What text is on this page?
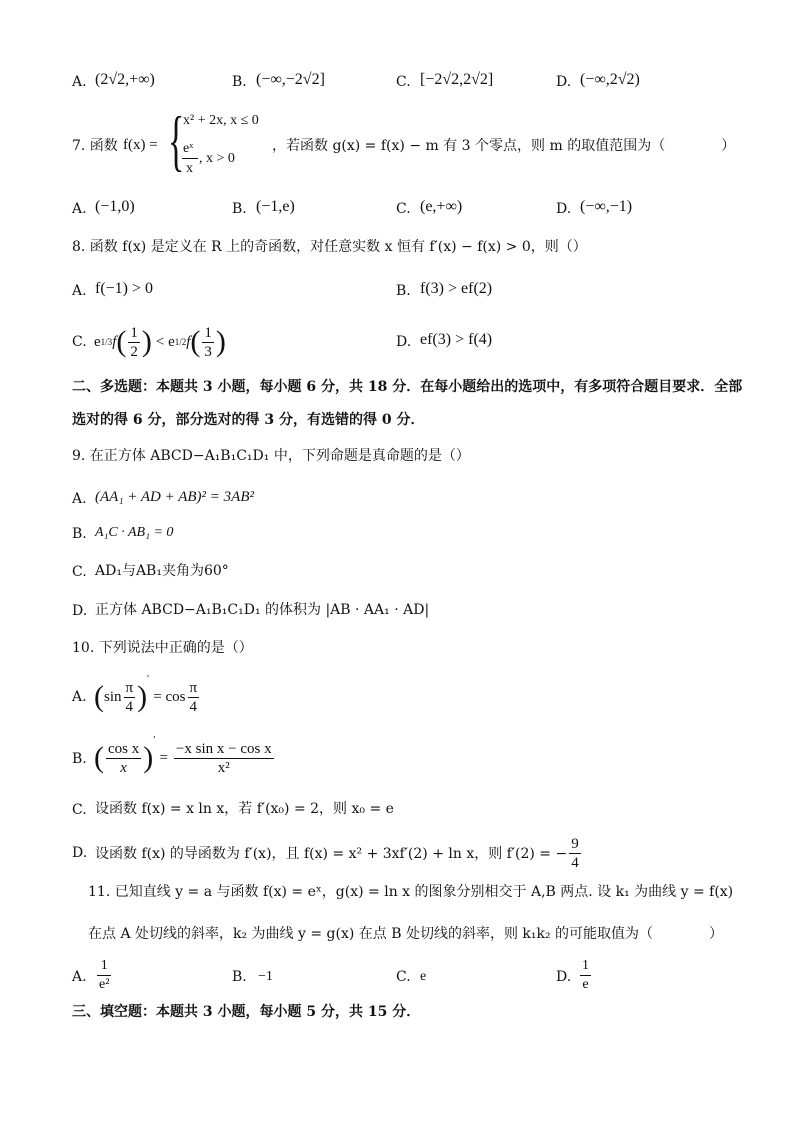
A. (2√2,+∞)	B. (−∞,−2√2]	C. [−2√2,2√2]	D. (−∞,2√2)
7. 函数 f(x) = {
x² + 2x, x ≤ 0
eˣ
x
, x > 0
，若函数 g(x) = f(x) − m 有 3 个零点，则 m 的取值范围为（　　　　）
A. (−1,0)	B. (−1,e)	C. (e,+∞)	D. (−∞,−1)
8. 函数 f(x) 是定义在 R 上的奇函数，对任意实数 x 恒有 f′(x) − f(x) > 0，则（）
A. f(−1) > 0	B. f(3) > ef(2)
C. e 1/3 f ( $\frac{1}{2}$ ) < e 1/2 f ( $\frac{1}{3}$ )	D. ef(3) > f(4)
二、多选题：本题共 3 小题，每小题 6 分，共 18 分．在每小题给出的选项中，有多项符合题目要求．全部
选对的得 6 分，部分选对的得 3 分，有选错的得 0 分．
9. 在正方体 ABCD−A₁B₁C₁D₁ 中，下列命题是真命题的是（）
A. (AA₁ + AD + AB)² = 3AB²
B. A₁C · AB₁ = 0
C. AD₁与AB₁夹角为60°
D. 正方体 ABCD−A₁B₁C₁D₁ 的体积为 |AB · AA₁ · AD|
10. 下列说法中正确的是（）
A. ( $\sin \frac{\pi}{4}$ )
′
= $\cos \frac{\pi}{4}$
B. ( $\frac{\text{cos x}}{x}$ )
′
= $\frac{\text{−x sin x − cos x}}{\text{x²}}$
C. 设函数 f(x) = x ln x，若 f′(x₀) = 2，则 x₀ = e
D. 设函数 f(x) 的导函数为 f′(x)，且 f(x) = x² + 3xf′(2) + ln x，则 f′(2) = − $\frac{9}{4}$
11. 已知直线 y = a 与函数 f(x) = eˣ，g(x) = ln x 的图象分别相交于 A,B 两点. 设 k₁ 为曲线 y = f(x)
在点 A 处切线的斜率，k₂ 为曲线 y = g(x) 在点 B 处切线的斜率，则 k₁k₂ 的可能取值为（　　　　）
A. $\frac{1}{\text{e²}}$	B. −1	C. e	D. $\frac{1}{e}$
三、填空题：本题共 3 小题，每小题 5 分，共 15 分．
